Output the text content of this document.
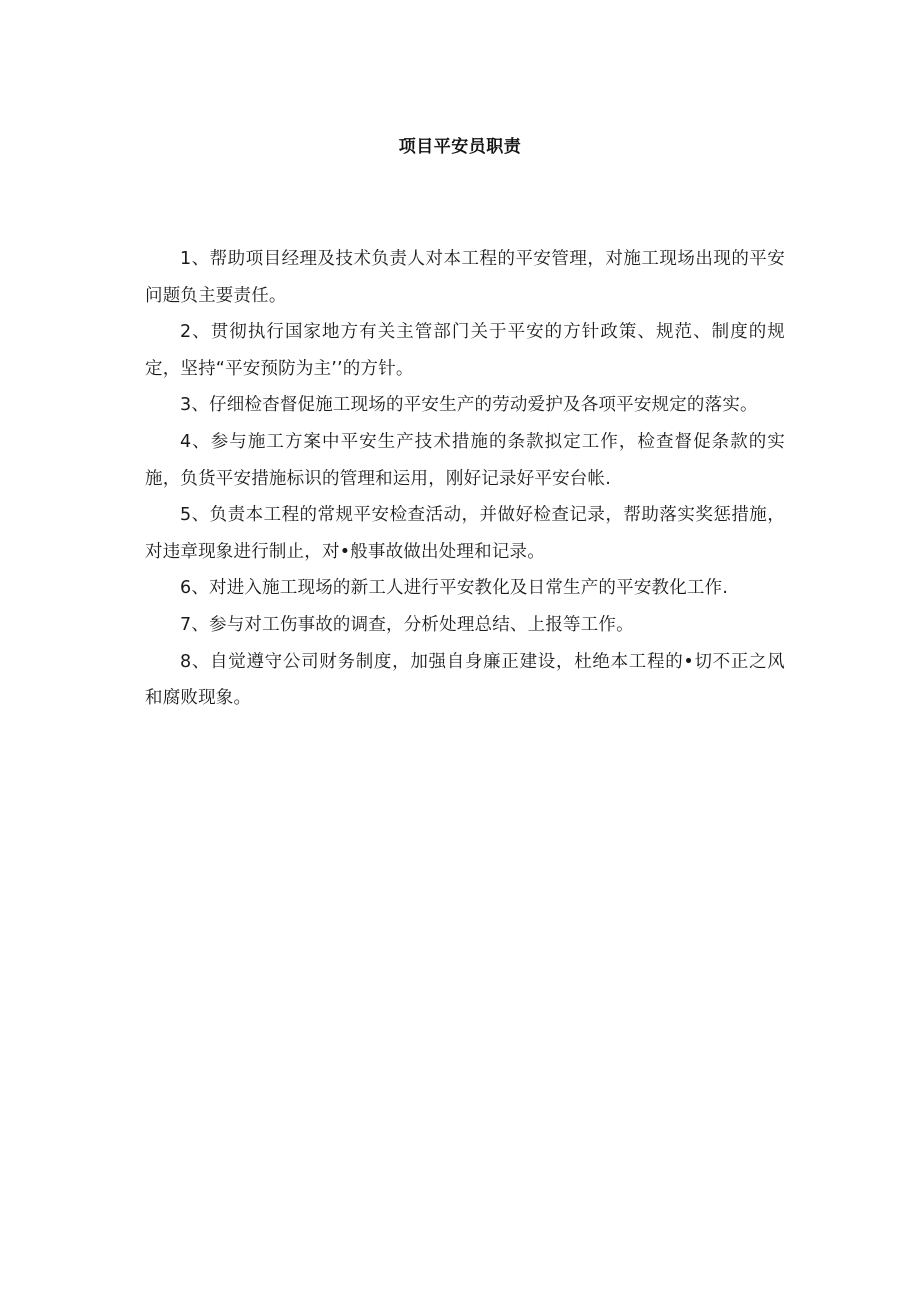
项目平安员职责

1、帮助项目经理及技术负责人对本工程的平安管理，对施工现场出现的平安问题负主要责任。

2、贯彻执行国家地方有关主管部门关于平安的方针政策、规范、制度的规定，坚持“平安预防为主’’的方针。

3、仔细检杳督促施工现场的平安生产的劳动爱护及各项平安规定的落实。

4、参与施工方案中平安生产技术措施的条款拟定工作，检查督促条款的实施，负货平安措施标识的管理和运用，刚好记录好平安台帐.

5、负责本工程的常规平安检查活动，并做好检查记录，帮助落实奖惩措施，对违章现象进行制止，对•般事故做出处理和记录。

6、对进入施工现场的新工人进行平安教化及日常生产的平安教化工作.

7、参与对工伤事故的调查，分析处理总结、上报等工作。

8、自觉遵守公司财务制度，加强自身廉正建设，杜绝本工程的•切不正之风和腐败现象。
